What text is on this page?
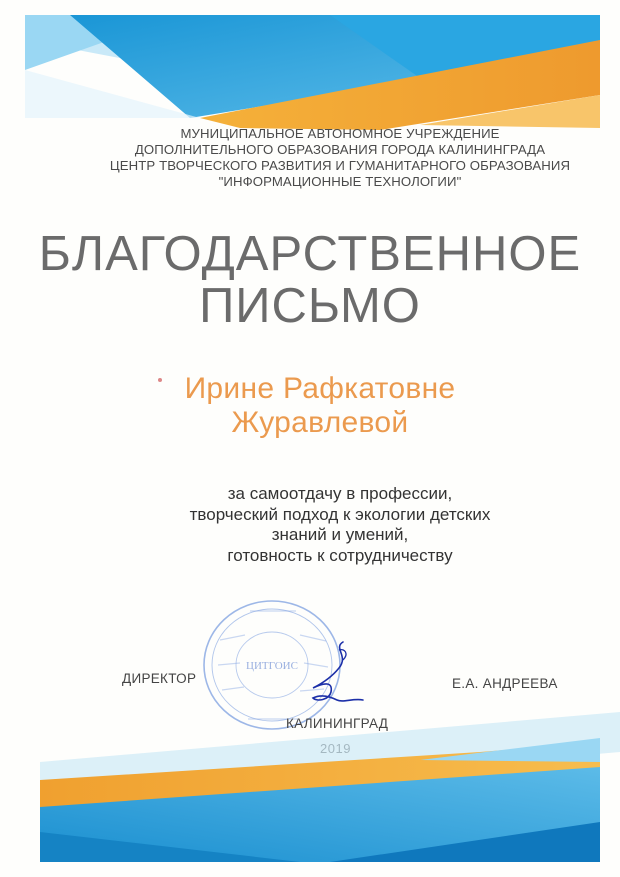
МУНИЦИПАЛЬНОЕ АВТОНОМНОЕ УЧРЕЖДЕНИЕ
ДОПОЛНИТЕЛЬНОГО ОБРАЗОВАНИЯ ГОРОДА КАЛИНИНГРАДА
ЦЕНТР ТВОРЧЕСКОГО РАЗВИТИЯ И ГУМАНИТАРНОГО ОБРАЗОВАНИЯ
"ИНФОРМАЦИОННЫЕ ТЕХНОЛОГИИ"
БЛАГОДАРСТВЕННОЕ
ПИСЬМО
Ирине Рафкатовне
Журавлевой
за самоотдачу в профессии,
творческий подход к экологии детских
знаний и умений,
готовность к сотрудничеству
ЦИТГОИС
ДИРЕКТОР	Е.А. АНДРЕЕВА
КАЛИНИНГРАД
